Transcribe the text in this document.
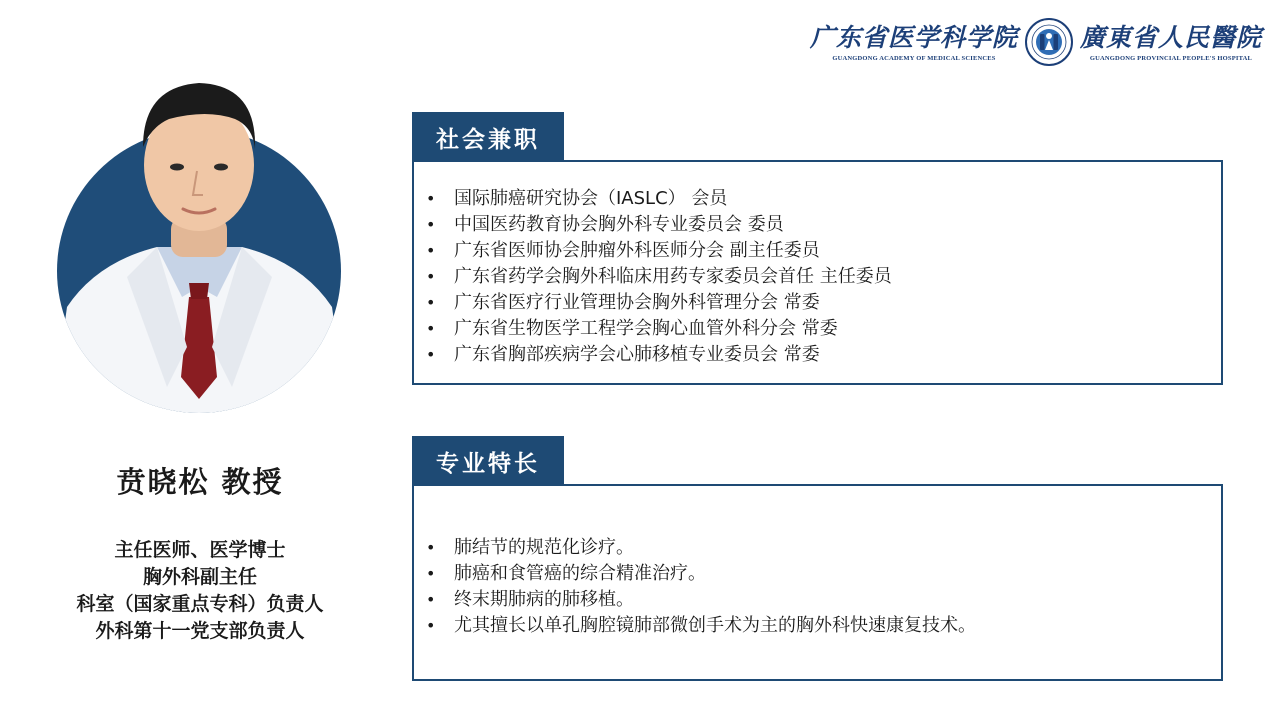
广东省医学科学院
GUANGDONG ACADEMY OF MEDICAL SCIENCES
廣東省人民醫院
GUANGDONG PROVINCIAL PEOPLE'S HOSPITAL
贲晓松 教授
主任医师、医学博士
胸外科副主任
科室（国家重点专科）负责人
外科第十一党支部负责人
社会兼职
• 国际肺癌研究协会（IASLC） 会员
• 中国医药教育协会胸外科专业委员会 委员
• 广东省医师协会肿瘤外科医师分会 副主任委员
• 广东省药学会胸外科临床用药专家委员会首任 主任委员
• 广东省医疗行业管理协会胸外科管理分会 常委
• 广东省生物医学工程学会胸心血管外科分会 常委
• 广东省胸部疾病学会心肺移植专业委员会 常委
专业特长
• 肺结节的规范化诊疗。
• 肺癌和食管癌的综合精准治疗。
• 终末期肺病的肺移植。
• 尤其擅长以单孔胸腔镜肺部微创手术为主的胸外科快速康复技术。
